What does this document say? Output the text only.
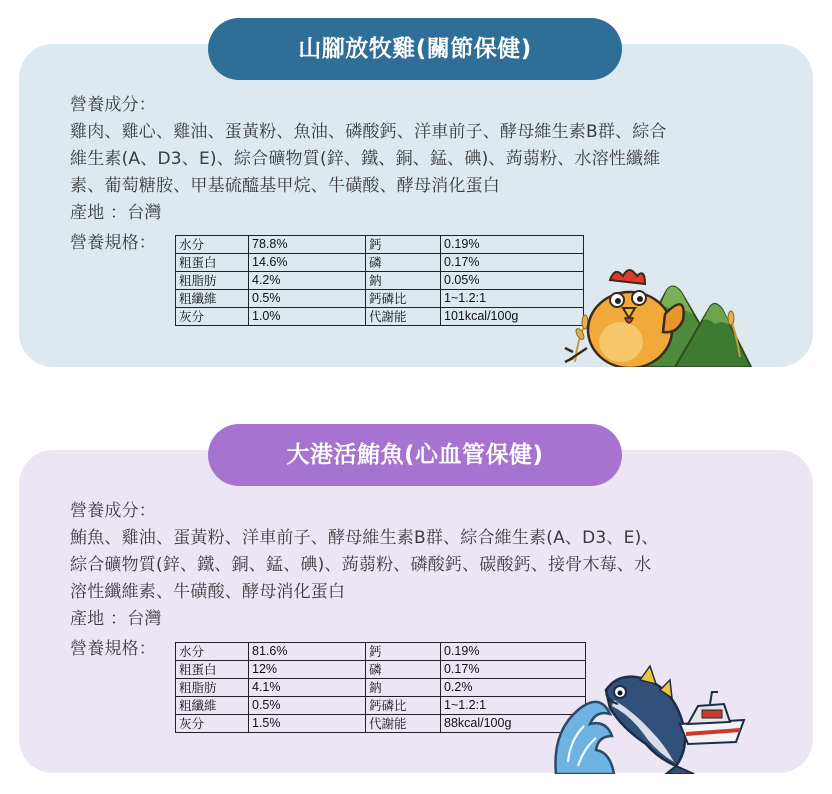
山腳放牧雞(關節保健)
營養成分：
雞肉、雞心、雞油、蛋黃粉、魚油、磷酸鈣、洋車前子、酵母維生素B群、綜合
維生素(A、D3、E)、綜合礦物質(鋅、鐵、銅、錳、碘)、蒟蒻粉、水溶性纖維
素、葡萄糖胺、甲基硫醯基甲烷、牛磺酸、酵母消化蛋白
產地 ：台灣
營養規格： 水分	78.8%	鈣	0.19%
粗蛋白	14.6%	磷	0.17%
粗脂肪	4.2%	鈉	0.05%
粗纖維	0.5%	鈣磷比	1~1.2:1
灰分	1.0%	代謝能	101kcal/100g
大港活鮪魚(心血管保健)
營養成分：
鮪魚、雞油、蛋黃粉、洋車前子、酵母維生素B群、綜合維生素(A、D3、E)、
綜合礦物質(鋅、鐵、銅、錳、碘)、蒟蒻粉、磷酸鈣、碳酸鈣、接骨木莓、水
溶性纖維素、牛磺酸、酵母消化蛋白
產地 ：台灣
營養規格： 水分	81.6%	鈣	0.19%
粗蛋白	12%	磷	0.17%
粗脂肪	4.1%	鈉	0.2%
粗纖維	0.5%	鈣磷比	1~1.2:1
灰分	1.5%	代謝能	88kcal/100g
